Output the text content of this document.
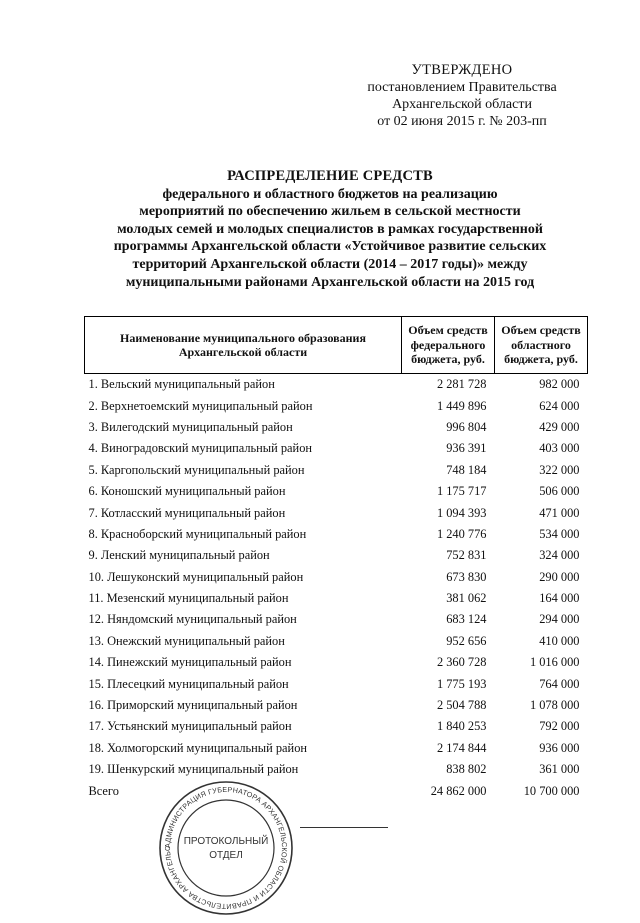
УТВЕРЖДЕНО
постановлением Правительства
Архангельской области
от 02 июня 2015 г. № 203-пп
РАСПРЕДЕЛЕНИЕ СРЕДСТВ
федерального и областного бюджетов на реализацию
мероприятий по обеспечению жильем в сельской местности
молодых семей и молодых специалистов в рамках государственной
программы Архангельской области «Устойчивое развитие сельских
территорий Архангельской области (2014 – 2017 годы)» между
муниципальными районами Архангельской области на 2015 год
Наименование муниципального образования Архангельской области	Объем средств федерального бюджета, руб.	Объем средств областного бюджета, руб.
1. Вельский муниципальный район	2 281 728	982 000
2. Верхнетоемский муниципальный район	1 449 896	624 000
3. Вилегодский муниципальный район	996 804	429 000
4. Виноградовский муниципальный район	936 391	403 000
5. Каргопольский муниципальный район	748 184	322 000
6. Коношский муниципальный район	1 175 717	506 000
7. Котласский муниципальный район	1 094 393	471 000
8. Красноборский муниципальный район	1 240 776	534 000
9. Ленский муниципальный район	752 831	324 000
10. Лешуконский муниципальный район	673 830	290 000
11. Мезенский муниципальный район	381 062	164 000
12. Няндомский муниципальный район	683 124	294 000
13. Онежский муниципальный район	952 656	410 000
14. Пинежский муниципальный район	2 360 728	1 016 000
15. Плесецкий муниципальный район	1 775 193	764 000
16. Приморский муниципальный район	2 504 788	1 078 000
17. Устьянский муниципальный район	1 840 253	792 000
18. Холмогорский муниципальный район	2 174 844	936 000
19. Шенкурский муниципальный район	838 802	361 000
Всего	24 862 000	10 700 000
АДМИНИСТРАЦИЯ ГУБЕРНАТОРА АРХАНГЕЛЬСКОЙ ОБЛАСТИ И ПРАВИТЕЛЬСТВА АРХАНГЕЛЬС
ПРОТОКОЛЬНЫЙ
ОТДЕЛ
